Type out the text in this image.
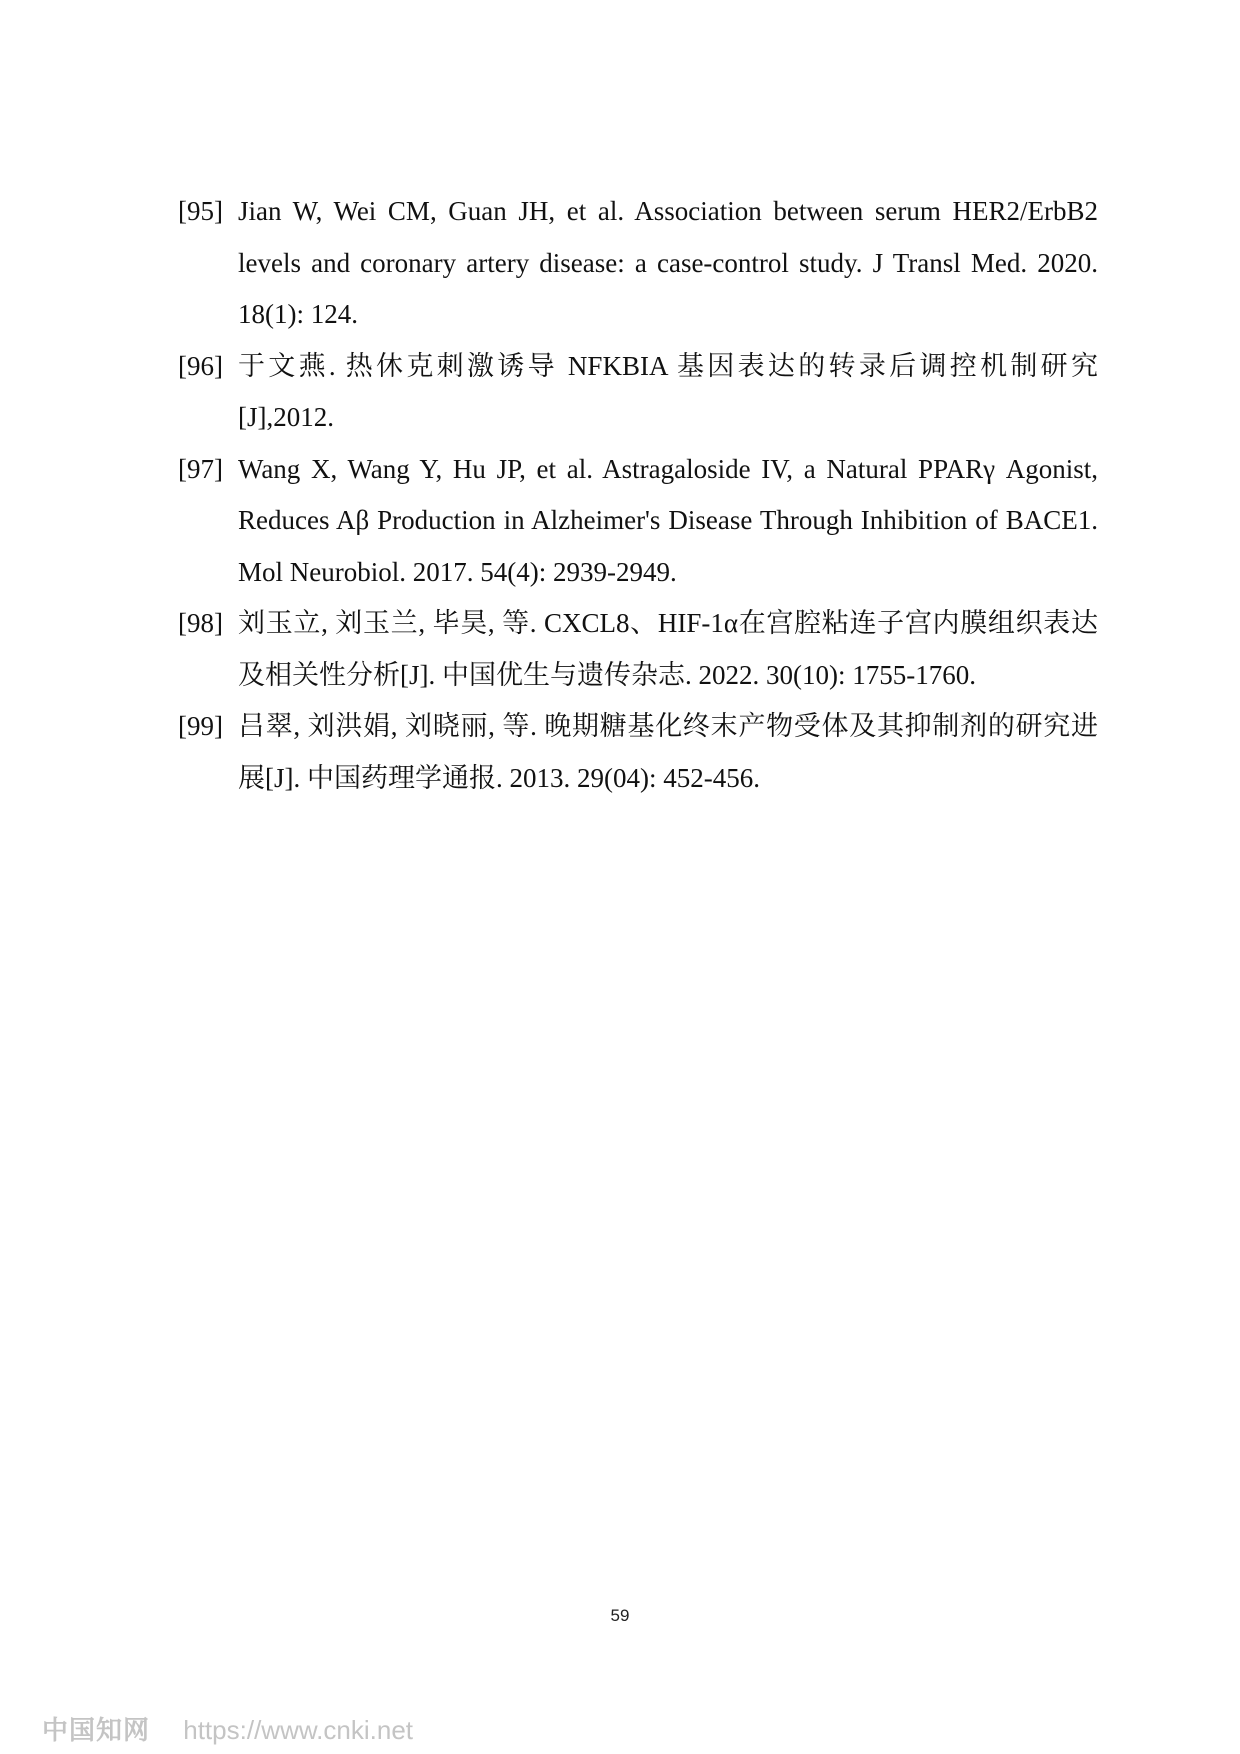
[95] Jian W, Wei CM, Guan JH, et al. Association between serum HER2/ErbB2 levels and coronary artery disease: a case-control study. J Transl Med. 2020. 18(1): 124.
[96] 于文燕. 热休克刺激诱导 NFKBIA 基因表达的转录后调控机制研究 [J],2012.
[97] Wang X, Wang Y, Hu JP, et al. Astragaloside IV, a Natural PPARγ Agonist, Reduces Aβ Production in Alzheimer's Disease Through Inhibition of BACE1. Mol Neurobiol. 2017. 54(4): 2939-2949.
[98] 刘玉立, 刘玉兰, 毕昊, 等. CXCL8、HIF-1α在宫腔粘连子宫内膜组织表达及相关性分析[J]. 中国优生与遗传杂志. 2022. 30(10): 1755-1760.
[99] 吕翠, 刘洪娟, 刘晓丽, 等. 晚期糖基化终末产物受体及其抑制剂的研究进展[J]. 中国药理学通报. 2013. 29(04): 452-456.
59
中国知网 https://www.cnki.net
